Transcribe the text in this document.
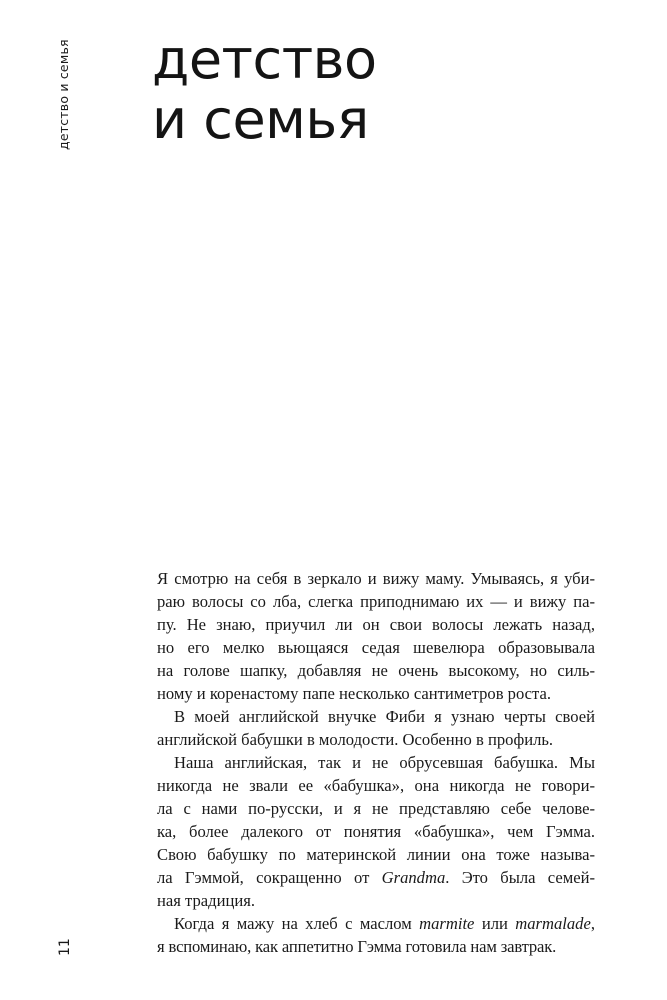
детство и семья детство
и семья

Я смотрю на себя в зеркало и вижу маму. Умываясь, я уби-

раю волосы со лба, слегка приподнимаю их — и вижу па-

пу. Не знаю, приучил ли он свои волосы лежать назад,

но его мелко вьющаяся седая шевелюра образовывала

на голове шапку, добавляя не очень высокому, но силь-

ному и коренастому папе несколько сантиметров роста.

В моей английской внучке Фиби я узнаю черты своей

английской бабушки в молодости. Особенно в профиль.

Наша английская, так и не обрусевшая бабушка. Мы

никогда не звали ее «бабушка», она никогда не говори-

ла с нами по-русски, и я не представляю себе челове-

ка, более далекого от понятия «бабушка», чем Гэмма.

Свою бабушку по материнской линии она тоже называ-

ла Гэммой, сокращенно от Grandma. Это была семей-

ная традиция.

Когда я мажу на хлеб с маслом marmite или marmalade,

я вспоминаю, как аппетитно Гэмма готовила нам завтрак.

11
